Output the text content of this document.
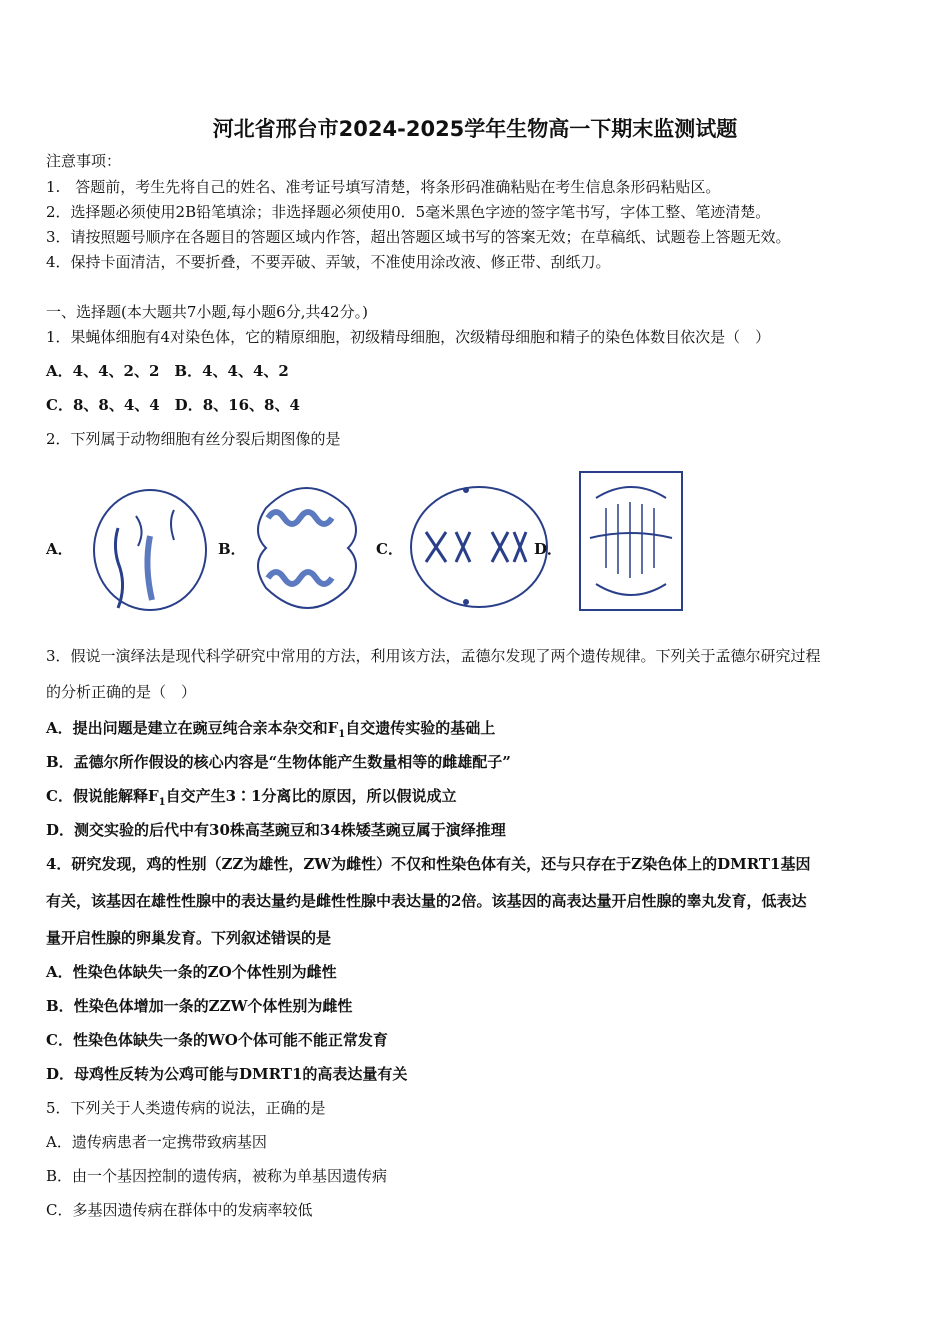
河北省邢台市2024-2025学年生物高一下期末监测试题
注意事项：
1.　答题前，考生先将自己的姓名、准考证号填写清楚，将条形码准确粘贴在考生信息条形码粘贴区。
2．选择题必须使用2B铅笔填涂；非选择题必须使用0．5毫米黑色字迹的签字笔书写，字体工整、笔迹清楚。
3．请按照题号顺序在各题目的答题区域内作答，超出答题区域书写的答案无效；在草稿纸、试题卷上答题无效。
4．保持卡面清洁，不要折叠，不要弄破、弄皱，不准使用涂改液、修正带、刮纸刀。
一、选择题(本大题共7小题,每小题6分,共42分。)
1．果蝇体细胞有4对染色体，它的精原细胞，初级精母细胞，次级精母细胞和精子的染色体数目依次是（　）
A．4、4、2、2　B．4、4、4、2
C．8、8、4、4　D．8、16、8、4
2．下列属于动物细胞有丝分裂后期图像的是
A．	B．	C．	D．
3．假说一演绎法是现代科学研究中常用的方法，利用该方法，孟德尔发现了两个遗传规律。下列关于孟德尔研究过程
的分析正确的是（　）
A．提出问题是建立在豌豆纯合亲本杂交和$F_1$自交遗传实验的基础上
B．孟德尔所作假设的核心内容是“生物体能产生数量相等的雌雄配子”
C．假说能解释$F_1$自交产生3∶1分离比的原因，所以假说成立
D．测交实验的后代中有30株高茎豌豆和34株矮茎豌豆属于演绎推理
4．研究发现，鸡的性别（ZZ为雄性，ZW为雌性）不仅和性染色体有关，还与只存在于Z染色体上的DMRT1基因
有关，该基因在雄性性腺中的表达量约是雌性性腺中表达量的2倍。该基因的高表达量开启性腺的睾丸发育，低表达
量开启性腺的卵巢发育。下列叙述错误的是
A．性染色体缺失一条的ZO个体性别为雌性
B．性染色体增加一条的ZZW个体性别为雌性
C．性染色体缺失一条的WO个体可能不能正常发育
D．母鸡性反转为公鸡可能与DMRT1的高表达量有关
5．下列关于人类遗传病的说法，正确的是
A．遗传病患者一定携带致病基因
B．由一个基因控制的遗传病，被称为单基因遗传病
C．多基因遗传病在群体中的发病率较低
